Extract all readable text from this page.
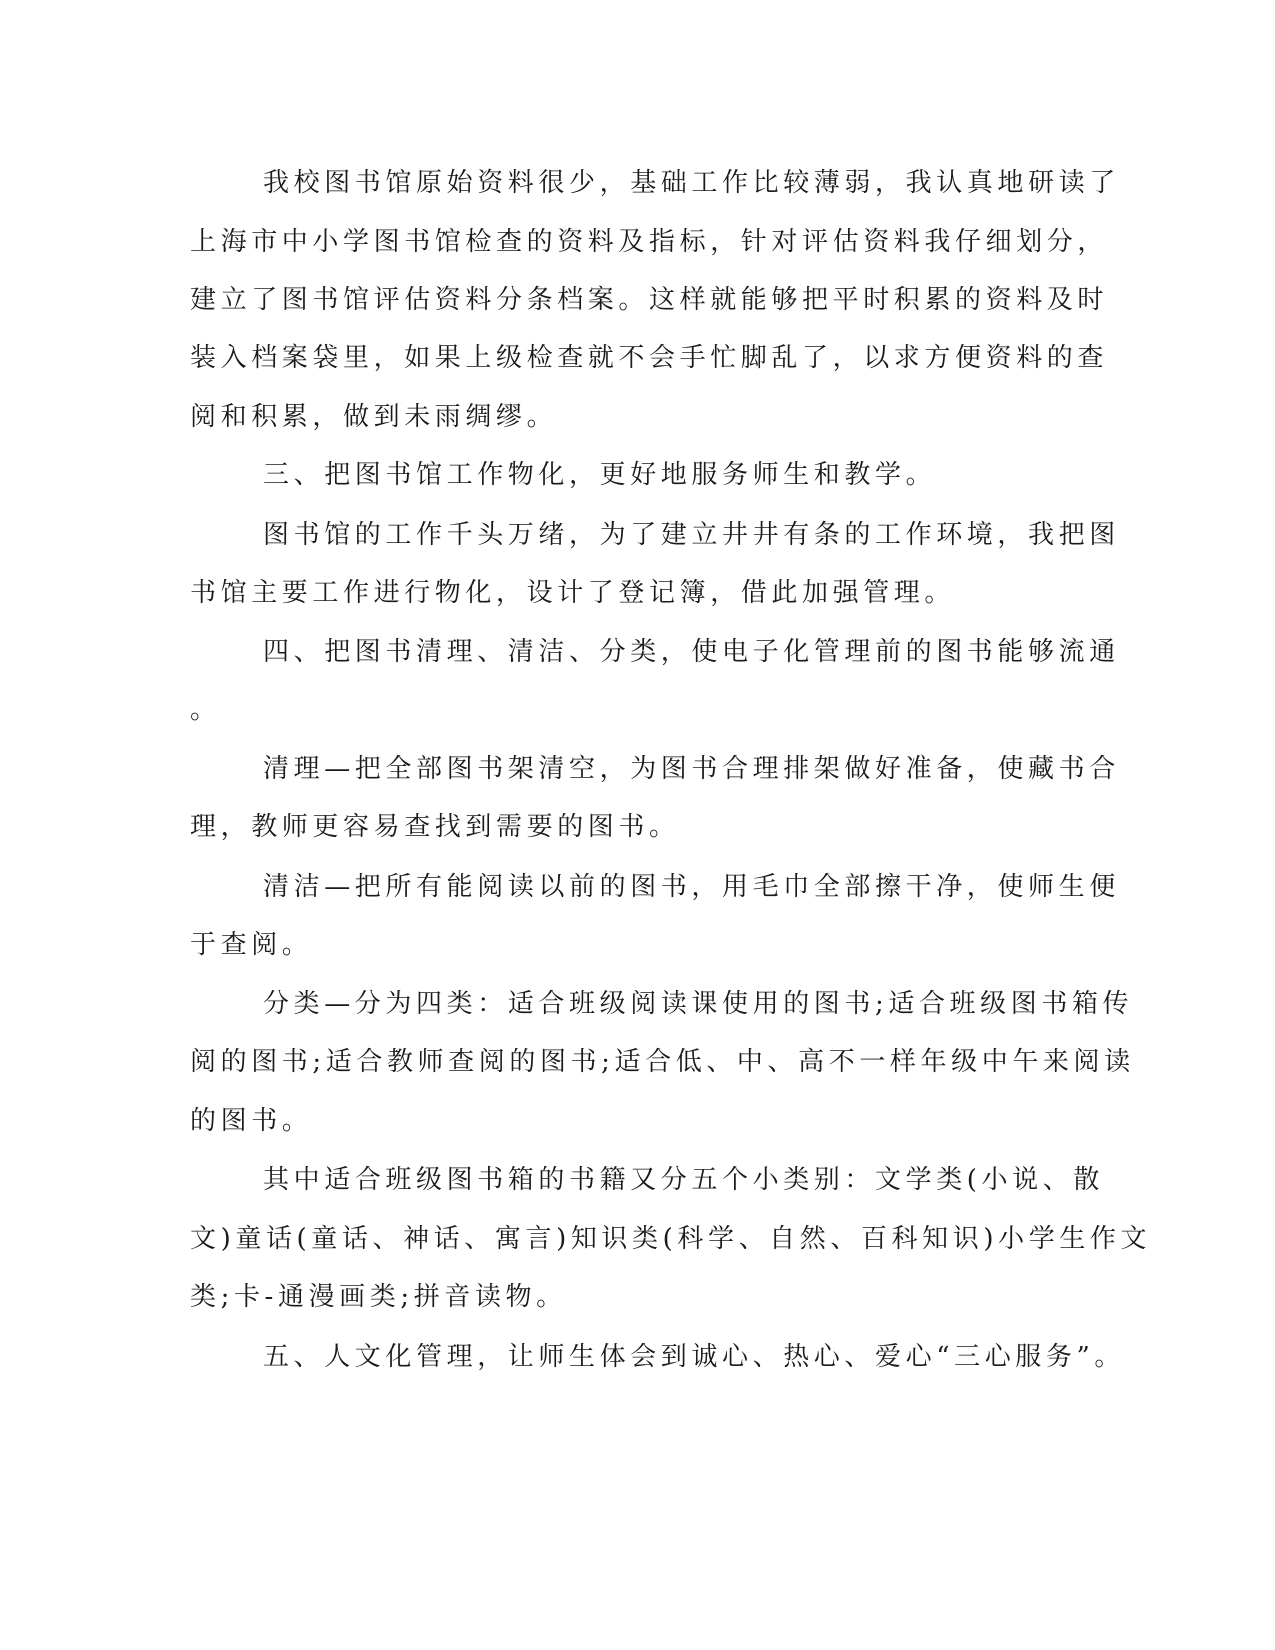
我校图书馆原始资料很少，基础工作比较薄弱，我认真地研读了

上海市中小学图书馆检查的资料及指标，针对评估资料我仔细划分，

建立了图书馆评估资料分条档案。这样就能够把平时积累的资料及时

装入档案袋里，如果上级检查就不会手忙脚乱了，以求方便资料的查

阅和积累，做到未雨绸缪。

三、把图书馆工作物化，更好地服务师生和教学。

图书馆的工作千头万绪，为了建立井井有条的工作环境，我把图

书馆主要工作进行物化，设计了登记簿，借此加强管理。

四、把图书清理、清洁、分类，使电子化管理前的图书能够流通

。

清理—把全部图书架清空，为图书合理排架做好准备，使藏书合

理，教师更容易查找到需要的图书。

清洁—把所有能阅读以前的图书，用毛巾全部擦干净，使师生便

于查阅。

分类—分为四类：适合班级阅读课使用的图书;适合班级图书箱传

阅的图书;适合教师查阅的图书;适合低、中、高不一样年级中午来阅读

的图书。

其中适合班级图书箱的书籍又分五个小类别：文学类(小说、散

文)童话(童话、神话、寓言)知识类(科学、自然、百科知识)小学生作文

类;卡-通漫画类;拼音读物。

五、人文化管理，让师生体会到诚心、热心、爱心“三心服务”。
